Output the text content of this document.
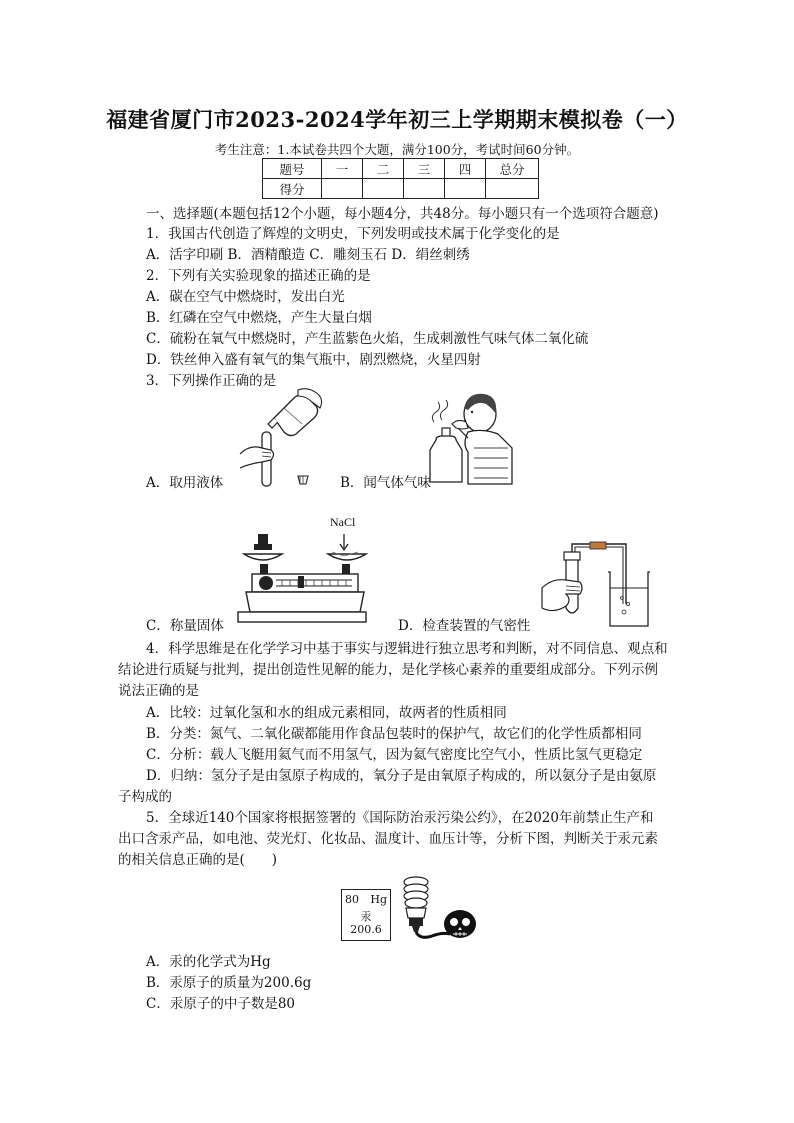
福建省厦门市2023-2024学年初三上学期期末模拟卷（一）
考生注意：1.本试卷共四个大题，满分100分，考试时间60分钟。
题号	一	二	三	四	总分
得分					
一、选择题(本题包括12个小题，每小题4分，共48分。每小题只有一个选项符合题意)
1．我国古代创造了辉煌的文明史，下列发明或技术属于化学变化的是
A．活字印刷 B．酒精酿造 C．雕刻玉石 D．绢丝刺绣
2．下列有关实验现象的描述正确的是
A．碳在空气中燃烧时，发出白光
B．红磷在空气中燃烧，产生大量白烟
C．硫粉在氧气中燃烧时，产生蓝紫色火焰，生成刺激性气味气体二氧化硫
D．铁丝伸入盛有氧气的集气瓶中，剧烈燃烧，火星四射
3．下列操作正确的是
A．取用液体	B．闻气体气味
NaCl
C．称量固体	D．检查装置的气密性
4．科学思维是在化学学习中基于事实与逻辑进行独立思考和判断，对不同信息、观点和
结论进行质疑与批判，提出创造性见解的能力，是化学核心素养的重要组成部分。下列示例
说法正确的是
A．比较：过氧化氢和水的组成元素相同，故两者的性质相同
B．分类：氮气、二氧化碳都能用作食品包装时的保护气，故它们的化学性质都相同
C．分析：载人飞艇用氦气而不用氢气，因为氦气密度比空气小，性质比氢气更稳定
D．归纳：氢分子是由氢原子构成的，氧分子是由氧原子构成的，所以氨分子是由氨原
子构成的
5．全球近140个国家将根据签署的《国际防治汞污染公约》，在2020年前禁止生产和
出口含汞产品，如电池、荧光灯、化妆品、温度计、血压计等，分析下图，判断关于汞元素
的相关信息正确的是(　　)
80 Hg
汞
200.6
A．汞的化学式为Hg
B．汞原子的质量为200.6g
C．汞原子的中子数是80
